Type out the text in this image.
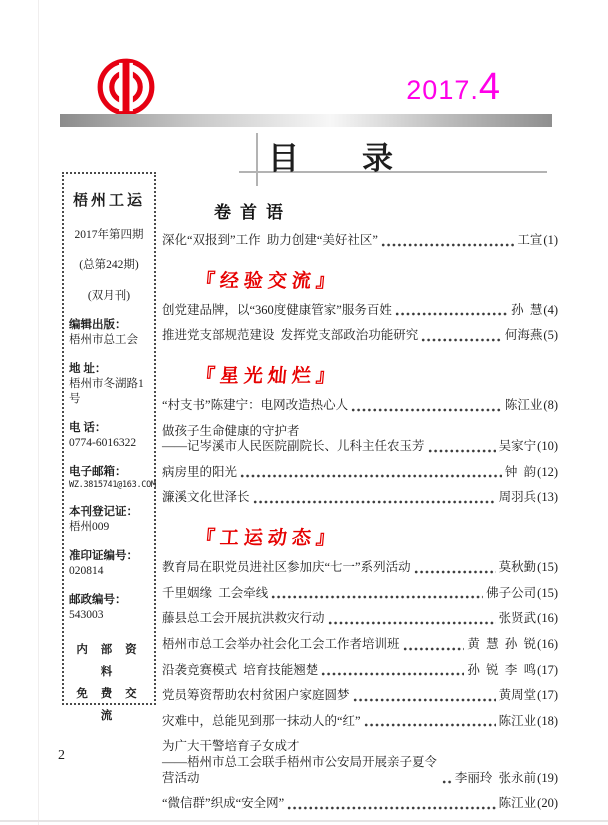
2017.4
目　录
梧州工运
2017年第四期
(总第242期)
(双月刊)
编辑出版：
梧州市总工会
地 址：
梧州市冬湖路1号
电 话：
0774-6016322
电子邮箱：
WZ.3815741@163.COM
本刊登记证：
梧州009
准印证编号：
020814
邮政编号：
543003
内 部 资 料
免 费 交 流
卷首语
深化“双报到”工作  助力创建“美好社区”	工宣 (1)
『经验交流』
创党建品牌，以“360度健康管家”服务百姓	孙  慧 (4)
推进党支部规范建设  发挥党支部政治功能研究	何海燕 (5)
『星光灿烂』
“村支书”陈建宁：电网改造热心人	陈江业 (8)
做孩子生命健康的守护者
——记岑溪市人民医院副院长、儿科主任农玉芳	吴家宁 (10)
病房里的阳光	钟  韵 (12)
濂溪文化世泽长	周羽兵 (13)
『工运动态』
教育局在职党员进社区参加庆“七一”系列活动	莫秋勤 (15)
千里姻缘  工会牵线	佛子公司 (15)
藤县总工会开展抗洪救灾行动	张贤武 (16)
梧州市总工会举办社会化工会工作者培训班	黄  慧  孙  锐 (16)
沿袭竞赛模式  培育技能翘楚	孙  锐  李  鸣 (17)
党员筹资帮助农村贫困户家庭圆梦	黄周堂 (17)
灾难中，总能见到那一抹动人的“红”	陈江业 (18)
为广大干警培育子女成才
——梧州市总工会联手梧州市公安局开展亲子夏令营活动	李丽玲  张永前 (19)
“微信群”织成“安全网”	陈江业 (20)
2
